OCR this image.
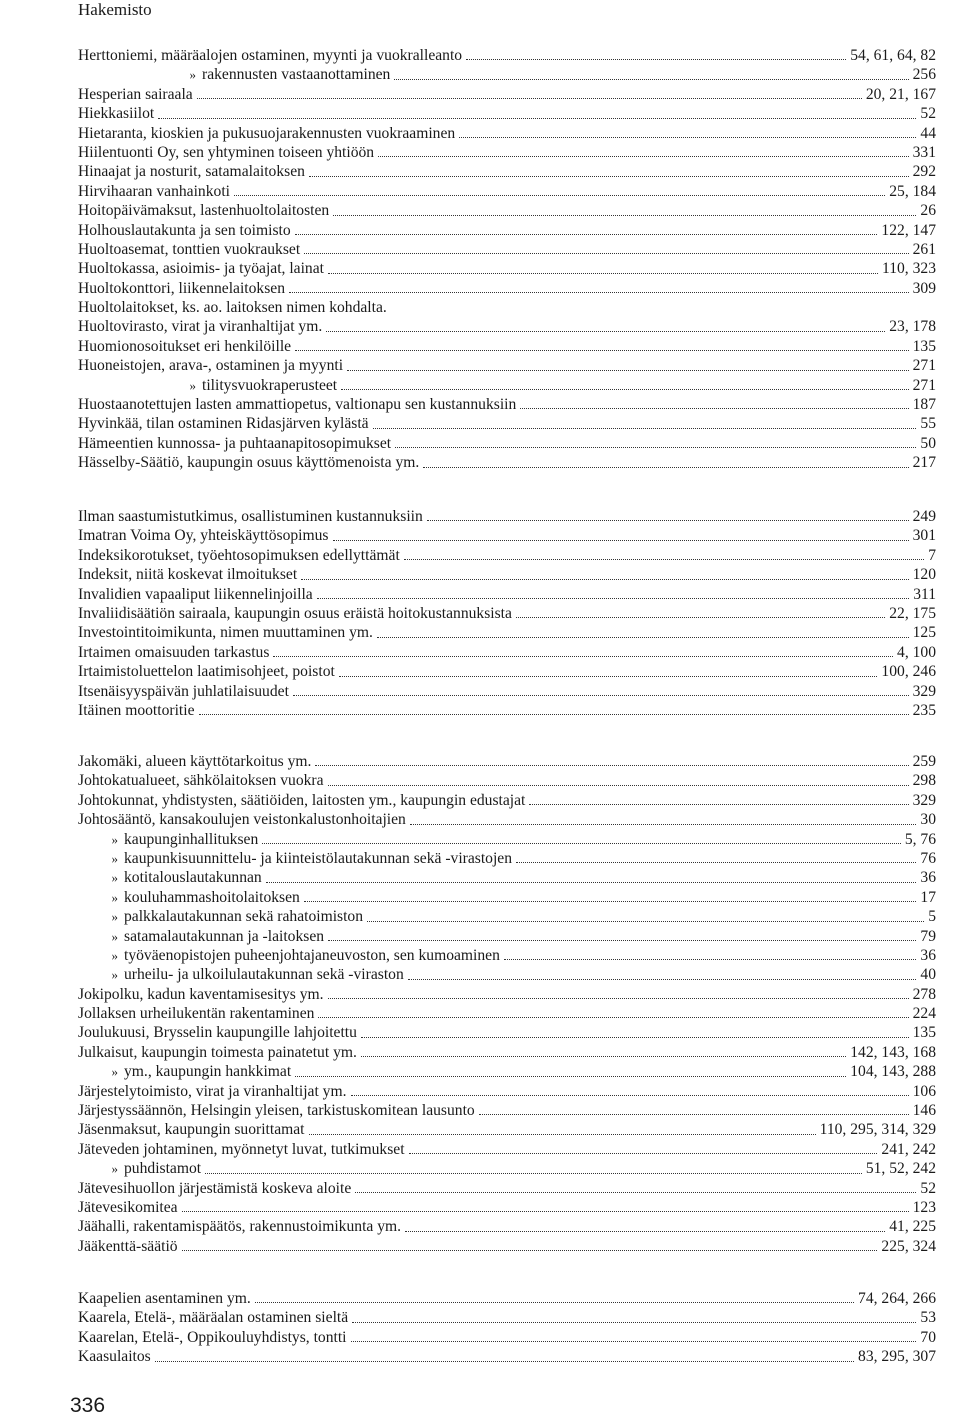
Hakemisto
Herttoniemi, määräalojen ostaminen, myynti ja vuokralleanto	54, 61, 64, 82
» rakennusten vastaanottaminen	256
Hesperian sairaala	20, 21, 167
Hiekkasiilot	52
Hietaranta, kioskien ja pukusuojarakennusten vuokraaminen	44
Hiilentuonti Oy, sen yhtyminen toiseen yhtiöön	331
Hinaajat ja nosturit, satamalaitoksen	292
Hirvihaaran vanhainkoti	25, 184
Hoitopäivämaksut, lastenhuoltolaitosten	26
Holhouslautakunta ja sen toimisto	122, 147
Huoltoasemat, tonttien vuokraukset	261
Huoltokassa, asioimis- ja työajat, lainat	110, 323
Huoltokonttori, liikennelaitoksen	309
Huoltolaitokset, ks. ao. laitoksen nimen kohdalta.
Huoltovirasto, virat ja viranhaltijat ym.	23, 178
Huomionosoitukset eri henkilöille	135
Huoneistojen, arava-, ostaminen ja myynti	271
» tilitysvuokraperusteet	271
Huostaanotettujen lasten ammattiopetus, valtionapu sen kustannuksiin	187
Hyvinkää, tilan ostaminen Ridasjärven kylästä	55
Hämeentien kunnossa- ja puhtaanapitosopimukset	50
Hässelby-Säätiö, kaupungin osuus käyttömenoista ym.	217
Ilman saastumistutkimus, osallistuminen kustannuksiin	249
Imatran Voima Oy, yhteiskäyttösopimus	301
Indeksikorotukset, työehtosopimuksen edellyttämät	7
Indeksit, niitä koskevat ilmoitukset	120
Invalidien vapaaliput liikennelinjoilla	311
Invaliidisäätiön sairaala, kaupungin osuus eräistä hoitokustannuksista	22, 175
Investointitoimikunta, nimen muuttaminen ym.	125
Irtaimen omaisuuden tarkastus	4, 100
Irtaimistoluettelon laatimisohjeet, poistot	100, 246
Itsenäisyyspäivän juhlatilaisuudet	329
Itäinen moottoritie	235
Jakomäki, alueen käyttötarkoitus ym.	259
Johtokatualueet, sähkölaitoksen vuokra	298
Johtokunnat, yhdistysten, säätiöiden, laitosten ym., kaupungin edustajat	329
Johtosääntö, kansakoulujen veistonkalustonhoitajien	30
» kaupunginhallituksen	5, 76
» kaupunkisuunnittelu- ja kiinteistölautakunnan sekä -virastojen	76
» kotitalouslautakunnan	36
» kouluhammashoitolaitoksen	17
» palkkalautakunnan sekä rahatoimiston	5
» satamalautakunnan ja -laitoksen	79
» työväenopistojen puheenjohtajaneuvoston, sen kumoaminen	36
» urheilu- ja ulkoilulautakunnan sekä -viraston	40
Jokipolku, kadun kaventamisesitys ym.	278
Jollaksen urheilukentän rakentaminen	224
Joulukuusi, Brysselin kaupungille lahjoitettu	135
Julkaisut, kaupungin toimesta painatetut ym.	142, 143, 168
» ym., kaupungin hankkimat	104, 143, 288
Järjestelytoimisto, virat ja viranhaltijat ym.	106
Järjestyssäännön, Helsingin yleisen, tarkistuskomitean lausunto	146
Jäsenmaksut, kaupungin suorittamat	110, 295, 314, 329
Jäteveden johtaminen, myönnetyt luvat, tutkimukset	241, 242
» puhdistamot	51, 52, 242
Jätevesihuollon järjestämistä koskeva aloite	52
Jätevesikomitea	123
Jäähalli, rakentamispäätös, rakennustoimikunta ym.	41, 225
Jääkenttä-säätiö	225, 324
Kaapelien asentaminen ym.	74, 264, 266
Kaarela, Etelä-, määräalan ostaminen sieltä	53
Kaarelan, Etelä-, Oppikouluyhdistys, tontti	70
Kaasulaitos	83, 295, 307
336
